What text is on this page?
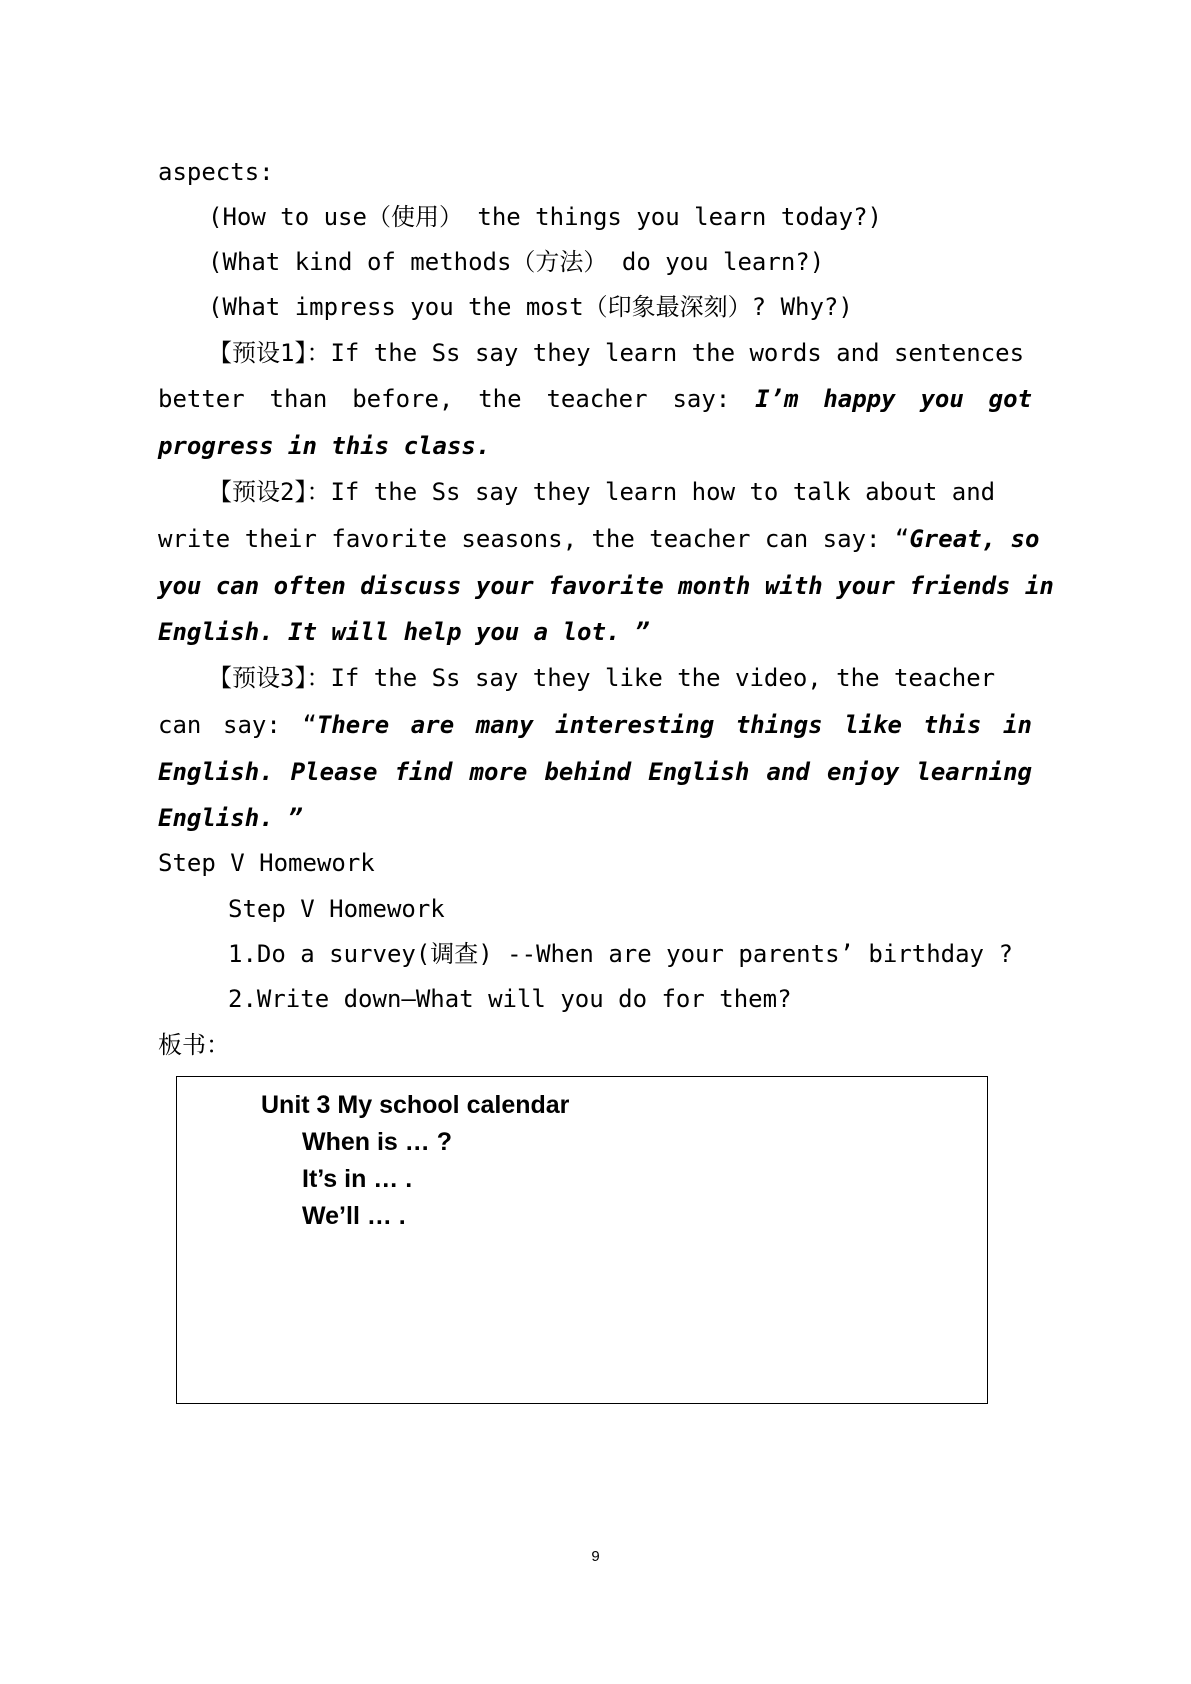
aspects:
(How to use（使用） the things you learn today?)
(What kind of methods（方法） do you learn?)
(What impress you the most（印象最深刻）? Why?)
【预设1】：If the Ss say they learn the words and sentences
better than before, the teacher say: I’m happy you got
progress in this class.
【预设2】：If the Ss say they learn how to talk about and
write their favorite seasons, the teacher can say: “Great, so
you can often discuss your favorite month with your friends in
English. It will help you a lot. ”
【预设3】：If the Ss say they like the video, the teacher
can say: “There are many interesting things like this in
English. Please find more behind English and enjoy learning
English. ”
Step V Homework
Step V Homework
1.Do a survey(调查) --When are your parents’ birthday ?
2.Write down—What will you do for them?
板书：
Unit 3 My school calendar
When is … ?
It’s in … .
We’ll … .
9
